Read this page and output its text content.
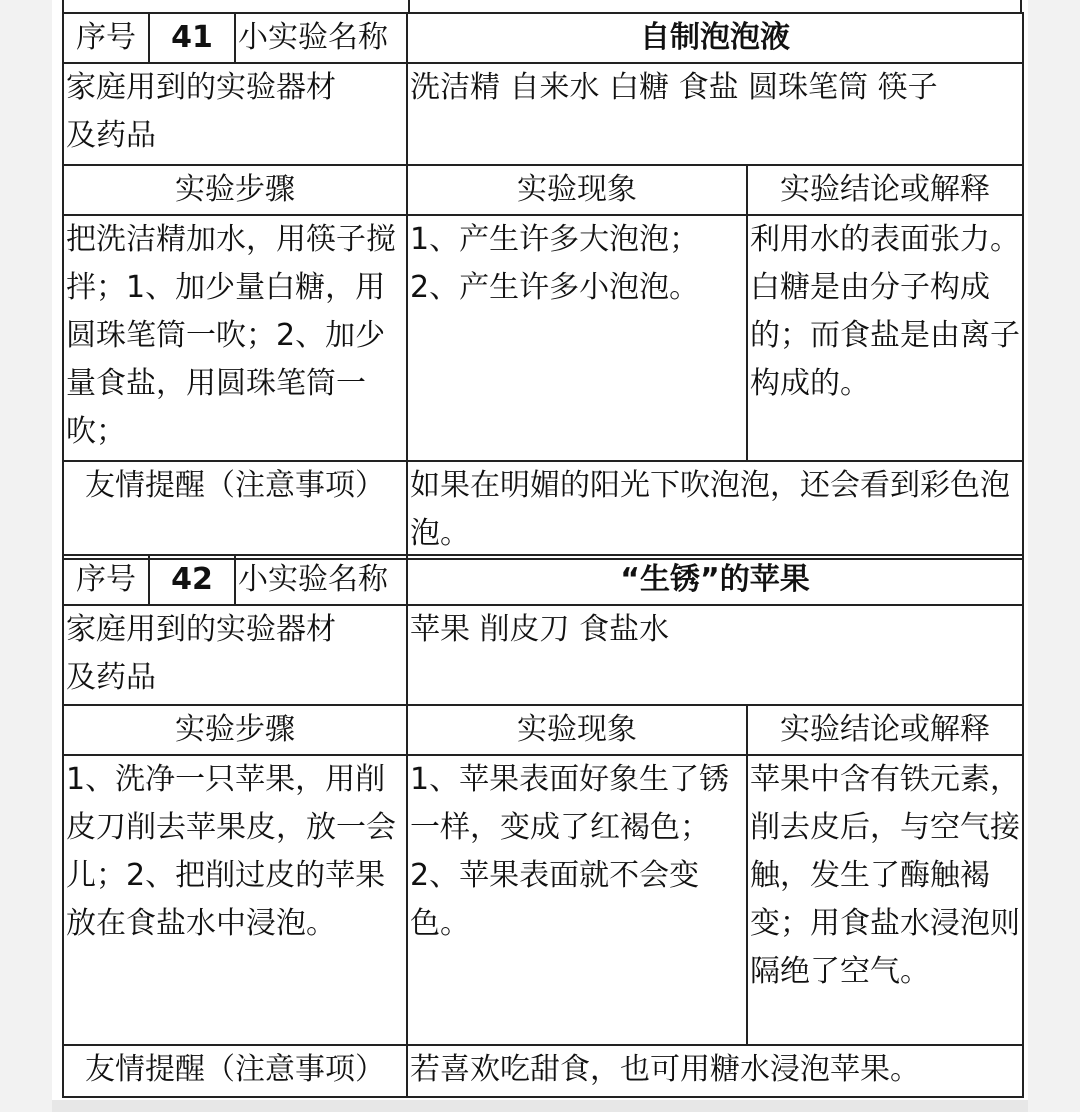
序号	41	小实验名称	自制泡泡液	

家庭用到的实验器材
及药品			洗洁精 自来水 白糖 食盐 圆珠笔筒 筷子	
实验步骤			实验现象	实验结论或解释
把洗洁精加水，用筷子搅拌；1、加少量白糖，用圆珠笔筒一吹；2、加少量食盐，用圆珠笔筒一吹；			1、产生许多大泡泡；2、产生许多小泡泡。	利用水的表面张力。白糖是由分子构成的；而食盐是由离子构成的。
友情提醒（注意事项）			如果在明媚的阳光下吹泡泡，还会看到彩色泡泡。	
序号	42	小实验名称	“生锈”的苹果	

家庭用到的实验器材
及药品			苹果 削皮刀 食盐水	
实验步骤			实验现象	实验结论或解释
1、洗净一只苹果，用削皮刀削去苹果皮，放一会儿；2、把削过皮的苹果放在食盐水中浸泡。			1、苹果表面好象生了锈一样，变成了红褐色；2、苹果表面就不会变色。	苹果中含有铁元素，削去皮后，与空气接触，发生了酶触褐变；用食盐水浸泡则隔绝了空气。
友情提醒（注意事项）			若喜欢吃甜食，也可用糖水浸泡苹果。	
